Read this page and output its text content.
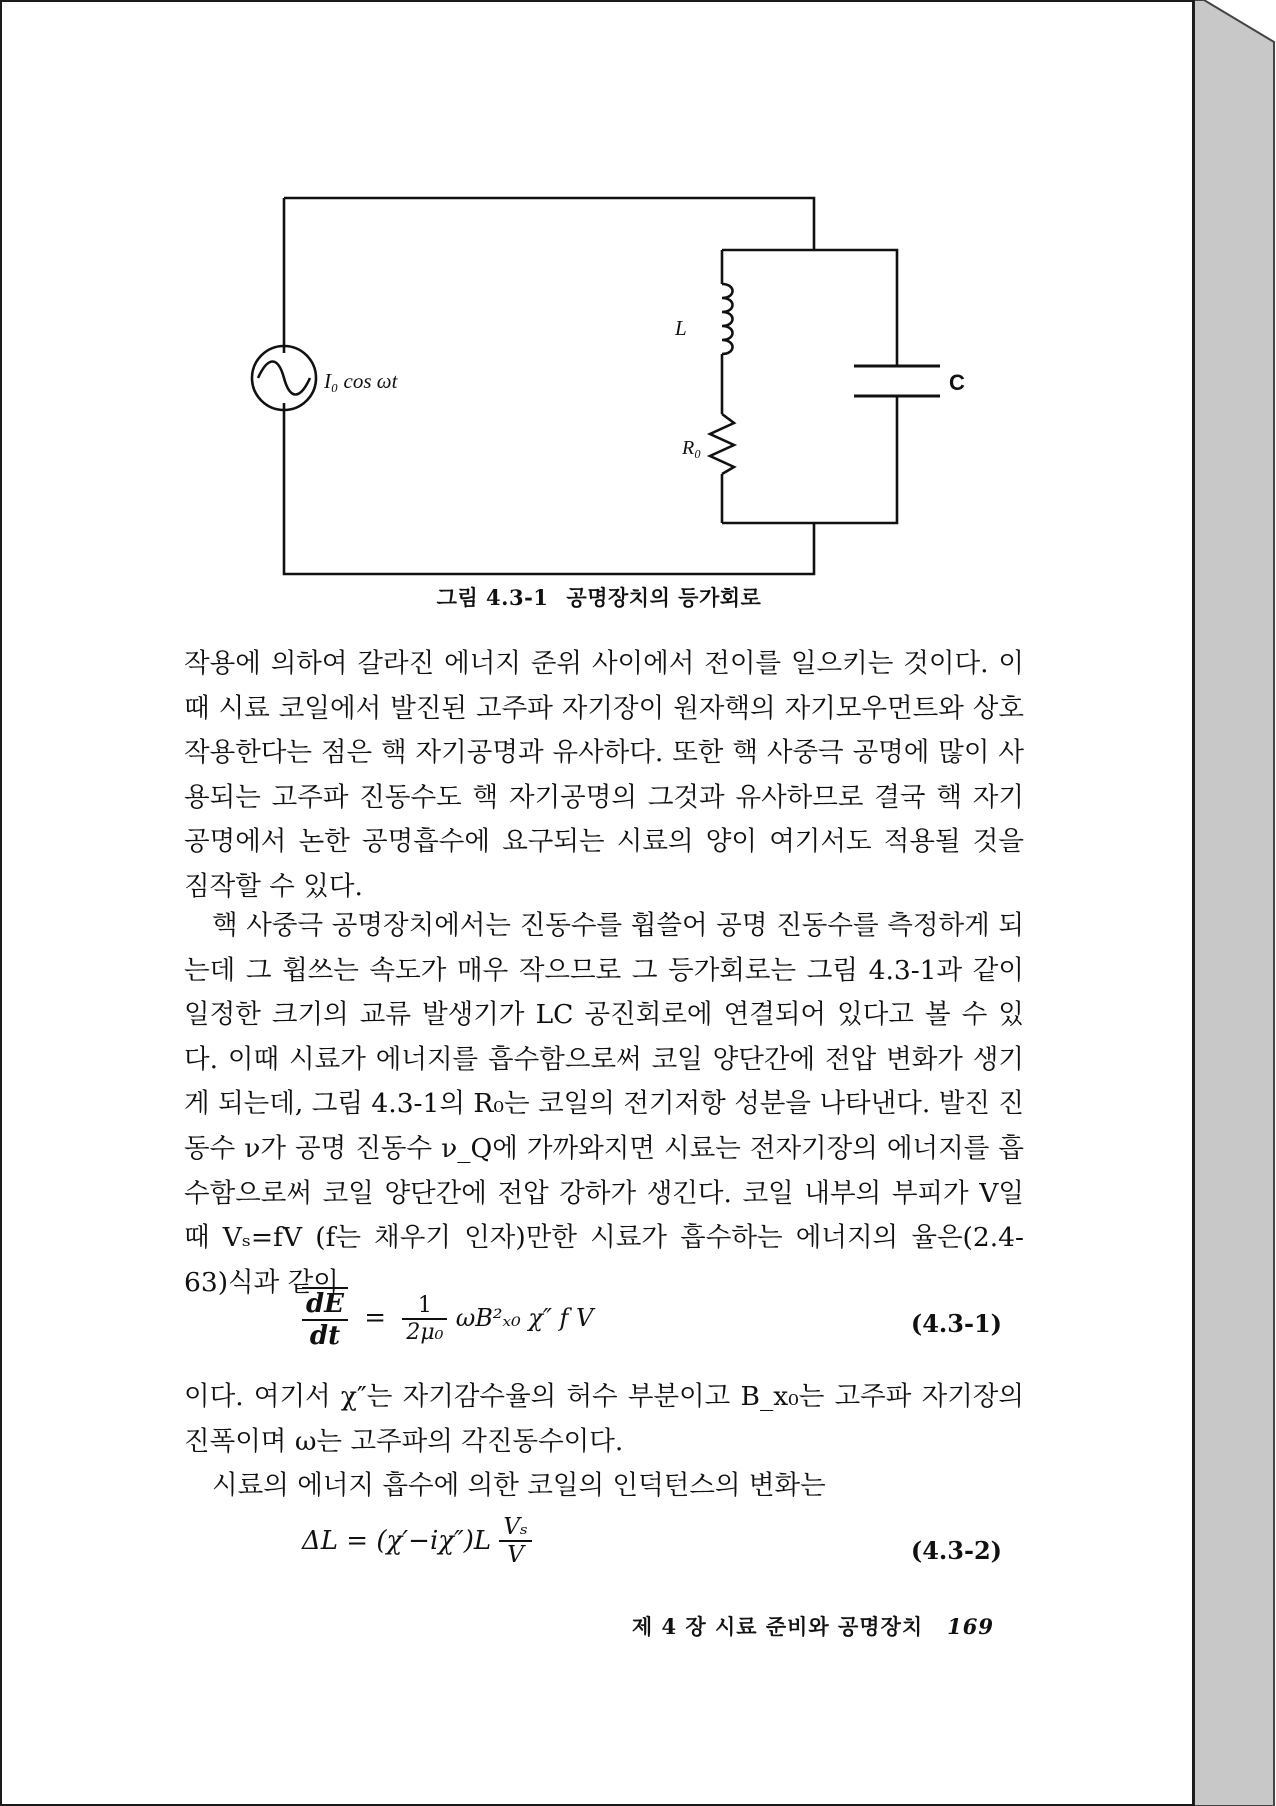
I₀ cos ωt
L
R₀
C
그림 4.3-1 공명장치의 등가회로

작용에 의하여 갈라진 에너지 준위 사이에서 전이를 일으키는 것이다. 이때 시료 코일에서 발진된 고주파 자기장이 원자핵의 자기모우먼트와 상호작용한다는 점은 핵 자기공명과 유사하다. 또한 핵 사중극 공명에 많이 사용되는 고주파 진동수도 핵 자기공명의 그것과 유사하므로 결국 핵 자기공명에서 논한 공명흡수에 요구되는 시료의 양이 여기서도 적용될 것을 짐작할 수 있다.

핵 사중극 공명장치에서는 진동수를 휩쓸어 공명 진동수를 측정하게 되는데 그 휩쓰는 속도가 매우 작으므로 그 등가회로는 그림 4.3-1과 같이 일정한 크기의 교류 발생기가 LC 공진회로에 연결되어 있다고 볼 수 있다. 이때 시료가 에너지를 흡수함으로써 코일 양단간에 전압 변화가 생기게 되는데, 그림 4.3-1의 R₀는 코일의 전기저항 성분을 나타낸다. 발진 진동수 ν가 공명 진동수 ν_Q에 가까와지면 시료는 전자기장의 에너지를 흡수함으로써 코일 양단간에 전압 강하가 생긴다. 코일 내부의 부피가 V일 때 Vₛ=fV (f는 채우기 인자)만한 시료가 흡수하는 에너지의 율은(2.4-63)식과 같이

$\frac{dE}{dt} = \frac{1}{\text{2μ₀}} \omega B^2_{x0}$ χ″ f V	(4.3-1)

이다. 여기서 χ″는 자기감수율의 허수 부분이고 B_x₀는 고주파 자기장의 진폭이며 ω는 고주파의 각진동수이다.

시료의 에너지 흡수에 의한 코일의 인덕턴스의 변화는

$\Delta L = (\chi'-i\chi'')L \frac{\text{Vₛ}}{V}$	(4.3-2)
제 4 장 시료 준비와 공명장치 169
